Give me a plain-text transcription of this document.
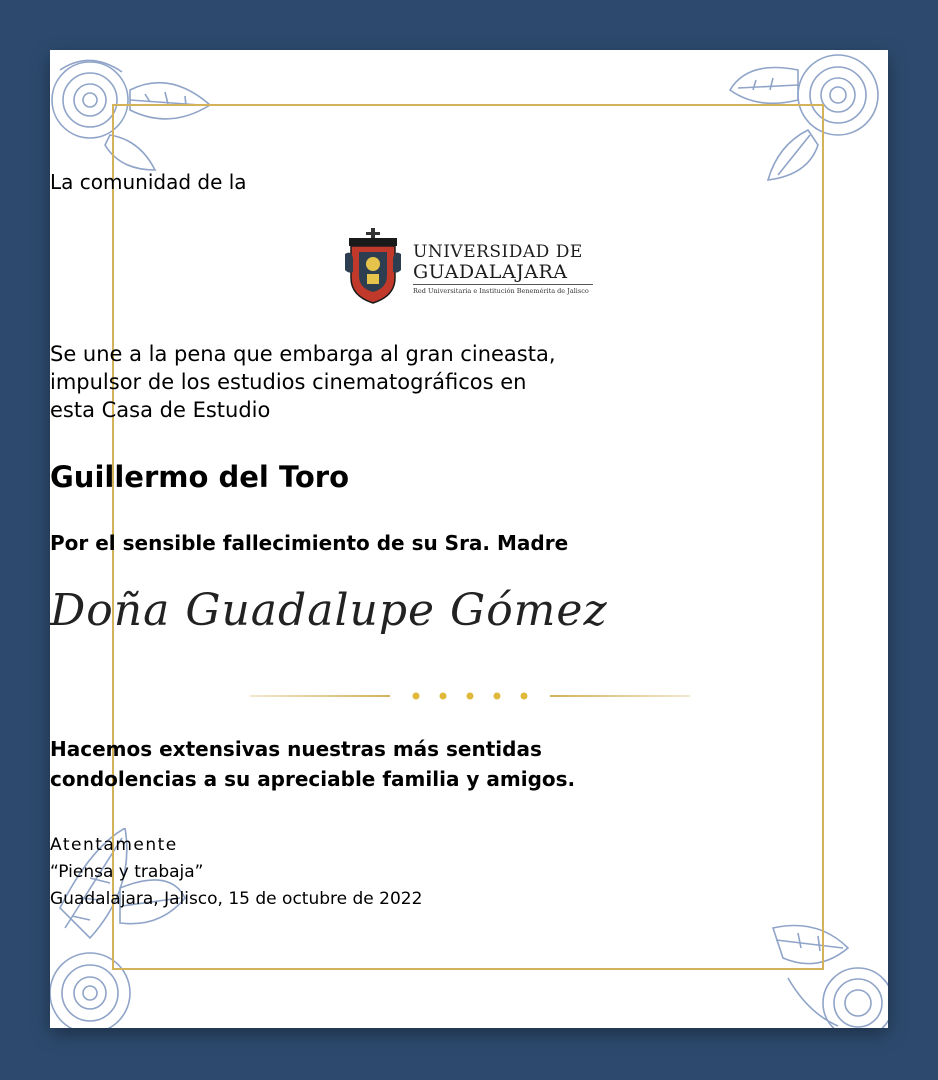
La comunidad de la
UNIVERSIDAD DE
GUADALAJARA
Red Universitaria e Institución Benemérita de Jalisco
Se une a la pena que embarga al gran cineasta,
impulsor de los estudios cinematográficos en
esta Casa de Estudio
Guillermo del Toro
Por el sensible fallecimiento de su Sra. Madre
Doña Guadalupe Gómez
Hacemos extensivas nuestras más sentidas
condolencias a su apreciable familia y amigos.
Atentamente
“Piensa y trabaja”
Guadalajara, Jalisco, 15 de octubre de 2022
